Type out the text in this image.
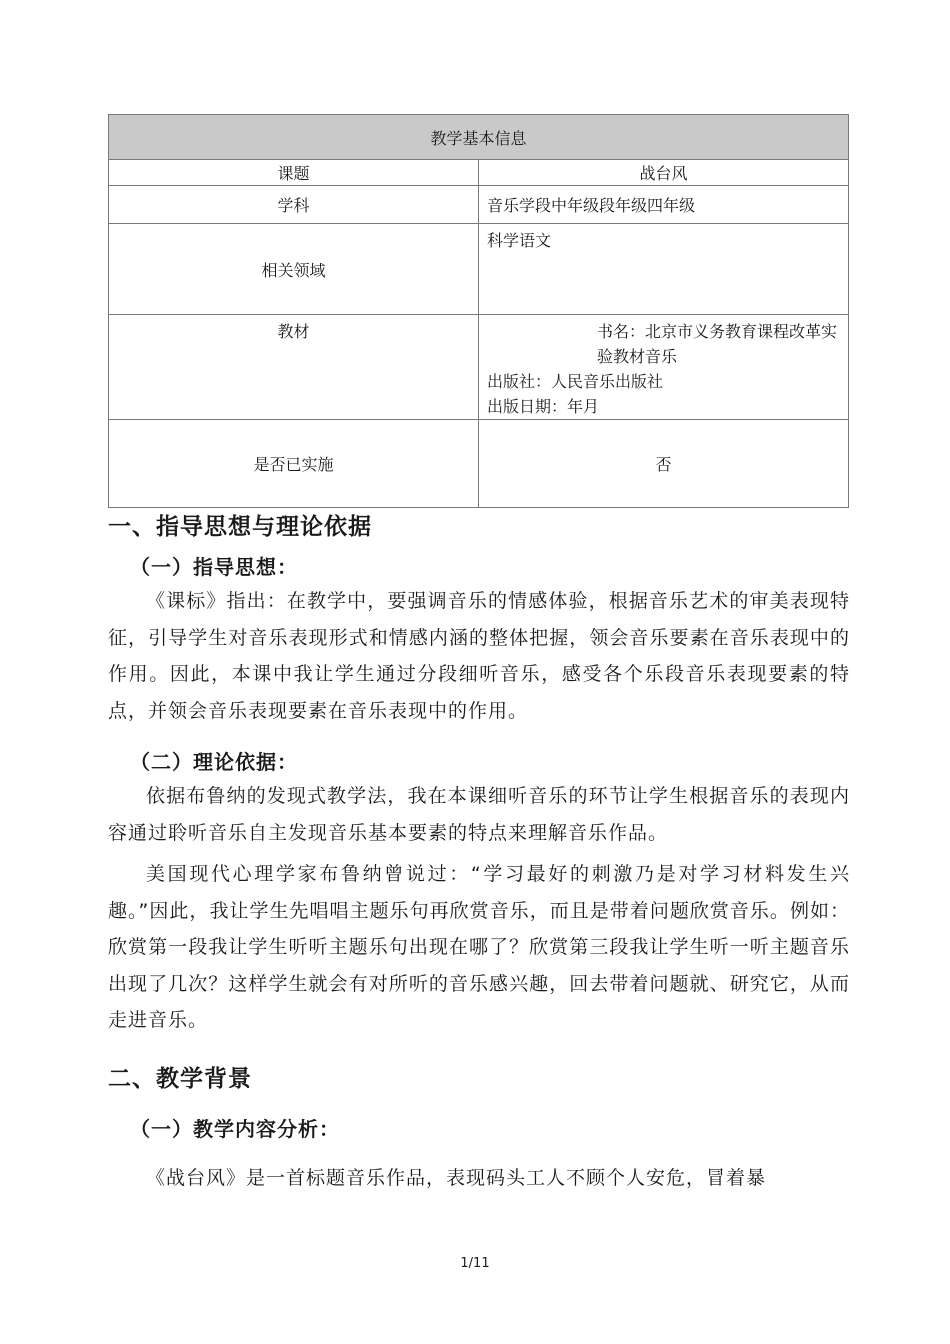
教学基本信息	
课题	战台风
学科	音乐学段中年级段年级四年级
相关领域	科学语文
教材	书名：北京市义务教育课程改革实验教材音乐
出版社：人民音乐出版社
出版日期：年月

是否已实施	否
一、指导思想与理论依据
（一）指导思想：

《课标》指出：在教学中，要强调音乐的情感体验，根据音乐艺术的审美表现特征，引导学生对音乐表现形式和情感内涵的整体把握，领会音乐要素在音乐表现中的作用。因此，本课中我让学生通过分段细听音乐，感受各个乐段音乐表现要素的特点，并领会音乐表现要素在音乐表现中的作用。

（二）理论依据：

依据布鲁纳的发现式教学法，我在本课细听音乐的环节让学生根据音乐的表现内容通过聆听音乐自主发现音乐基本要素的特点来理解音乐作品。

美国现代心理学家布鲁纳曾说过：“学习最好的刺激乃是对学习材料发生兴趣。”因此，我让学生先唱唱主题乐句再欣赏音乐，而且是带着问题欣赏音乐。例如：欣赏第一段我让学生听听主题乐句出现在哪了？欣赏第三段我让学生听一听主题音乐出现了几次？这样学生就会有对所听的音乐感兴趣，回去带着问题就、研究它，从而走进音乐。

二、教学背景
（一）教学内容分析：

《战台风》是一首标题音乐作品，表现码头工人不顾个人安危，冒着暴

1/11
